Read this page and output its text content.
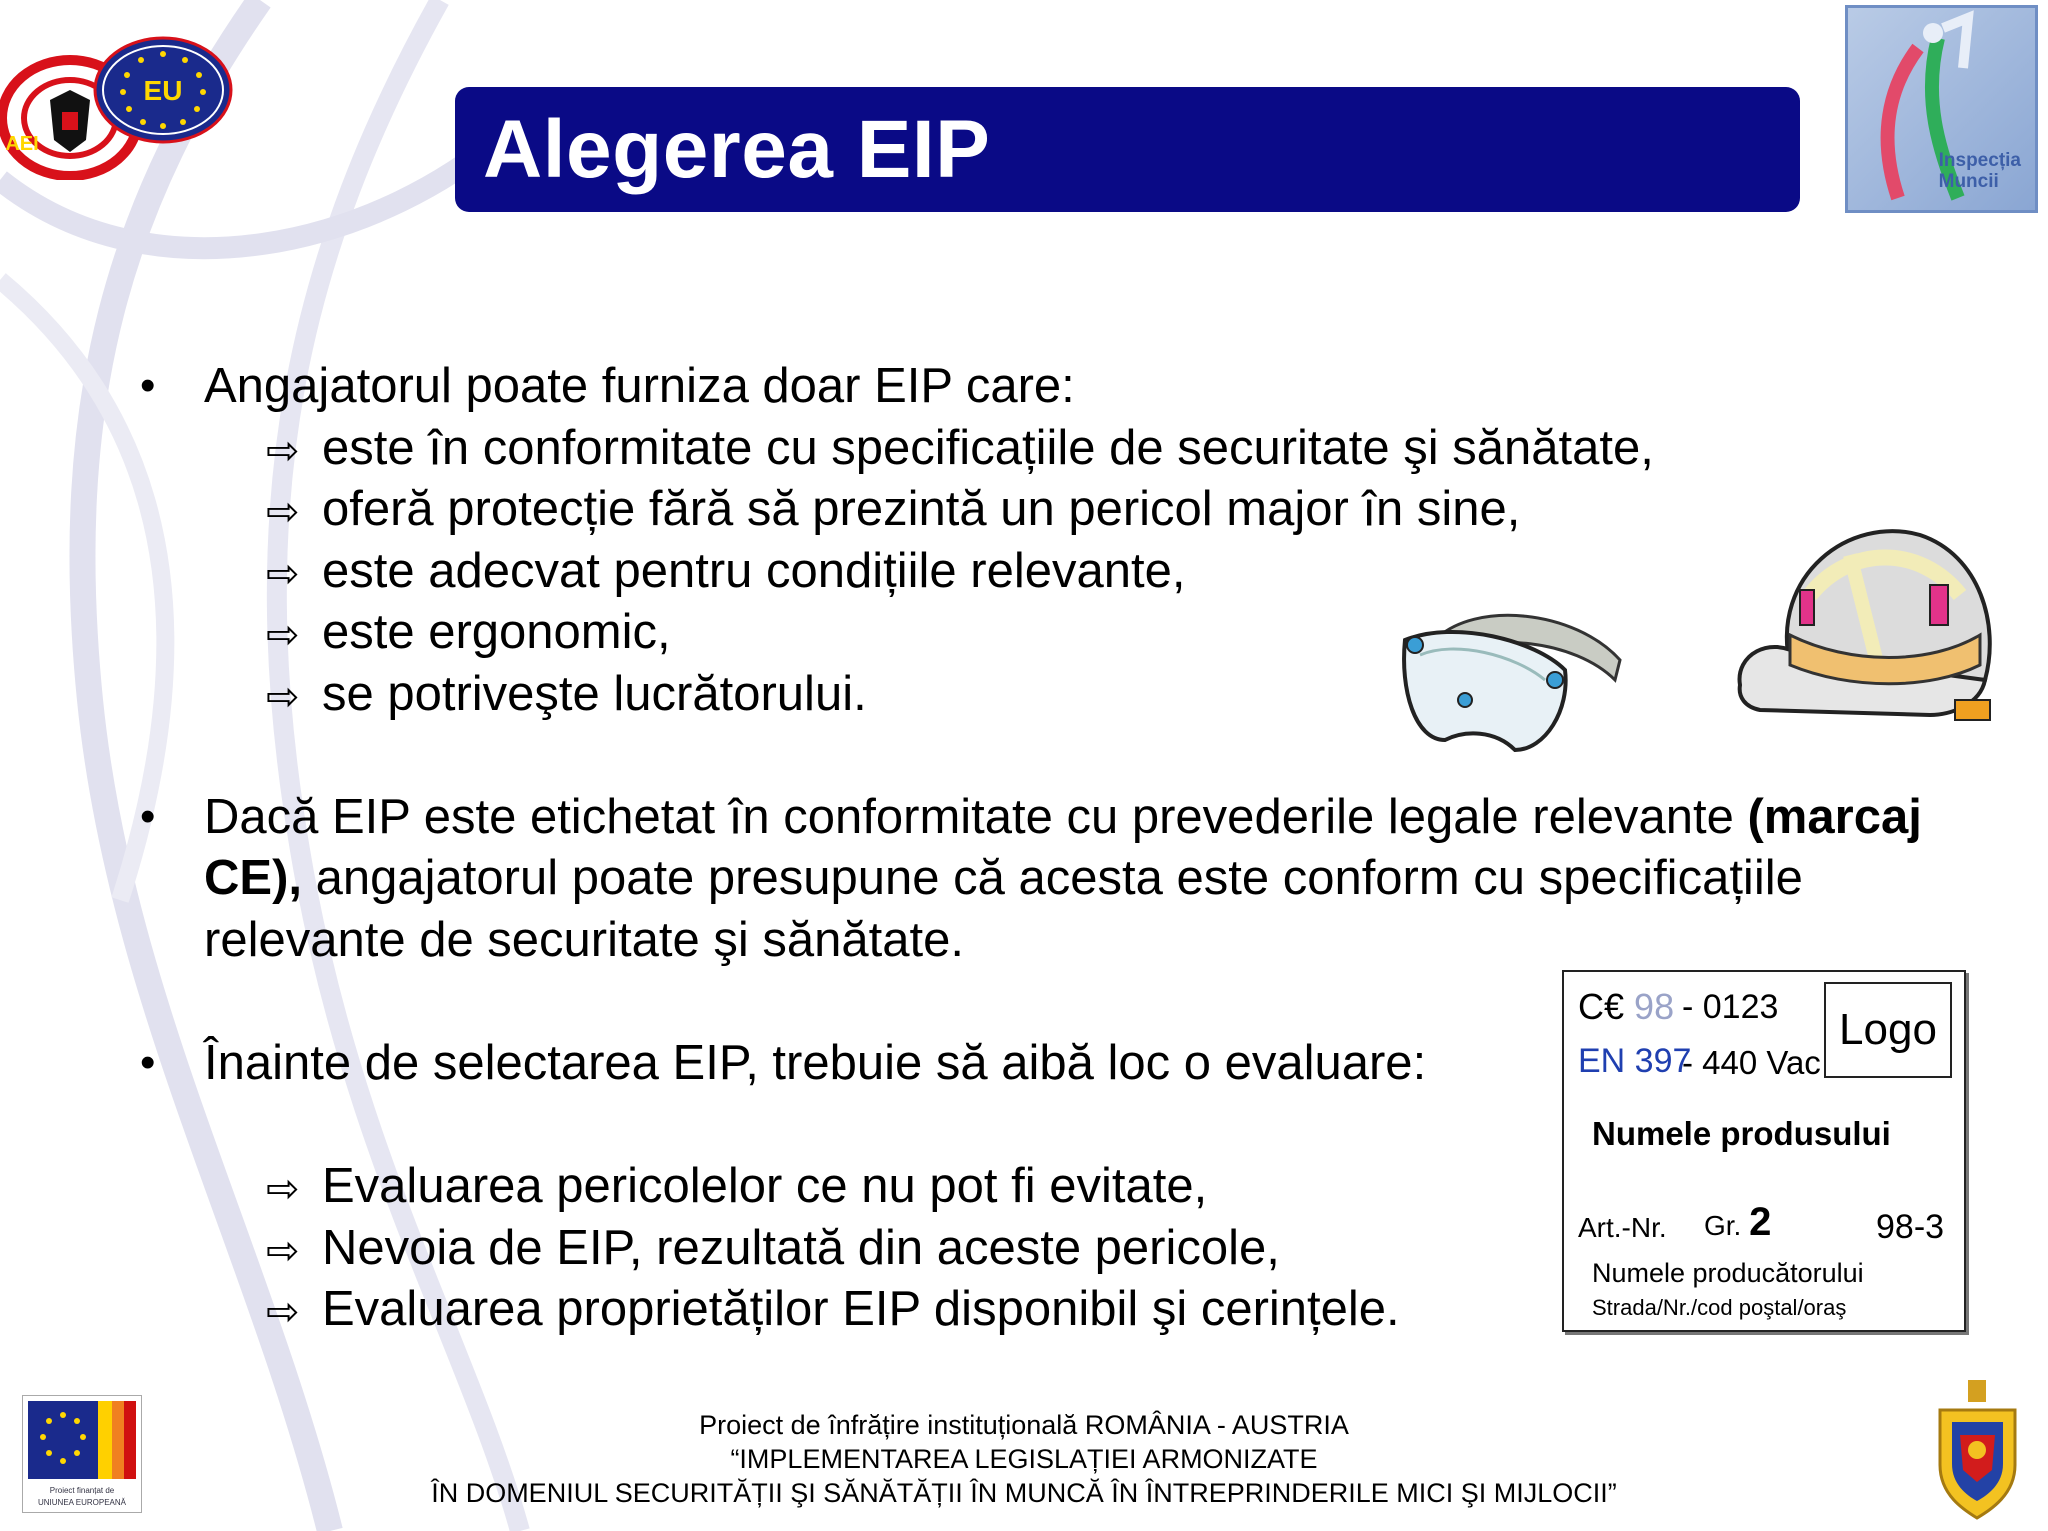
EU
AEI	Alegerea EIP	Inspecția
Muncii
• Angajatorul poate furniza doar EIP care:
⇨ este în conformitate cu specificațiile de securitate şi sănătate,
⇨ oferă protecție fără să prezintă un pericol major în sine,
⇨ este adecvat pentru condițiile relevante,
⇨ este ergonomic,
⇨ se potriveşte lucrătorului.
• Dacă EIP este etichetat în conformitate cu prevederile legale relevante (marcaj
CE), angajatorul poate presupune că acesta este conform cu specificațiile
relevante de securitate şi sănătate.
• Înainte de selectarea EIP, trebuie să aibă loc o evaluare:
⇨ Evaluarea pericolelor ce nu pot fi evitate,
⇨ Nevoia de EIP, rezultată din aceste pericole,
⇨ Evaluarea proprietăților EIP disponibil şi cerințele.
C€ 98 - 0123
EN 397
- 440 Vac
Logo
Numele produsului
Art.-Nr. Gr. 2	98-3
Numele producătorului
Strada/Nr./cod poştal/oraş
Proiect finanțat de
UNIUNEA EUROPEANĂ
Proiect de înfrățire instituțională ROMÂNIA - AUSTRIA
“IMPLEMENTAREA LEGISLAȚIEI ARMONIZATE
ÎN DOMENIUL SECURITĂȚII ŞI SĂNĂTĂȚII ÎN MUNCĂ ÎN ÎNTREPRINDERILE MICI ŞI MIJLOCII”
